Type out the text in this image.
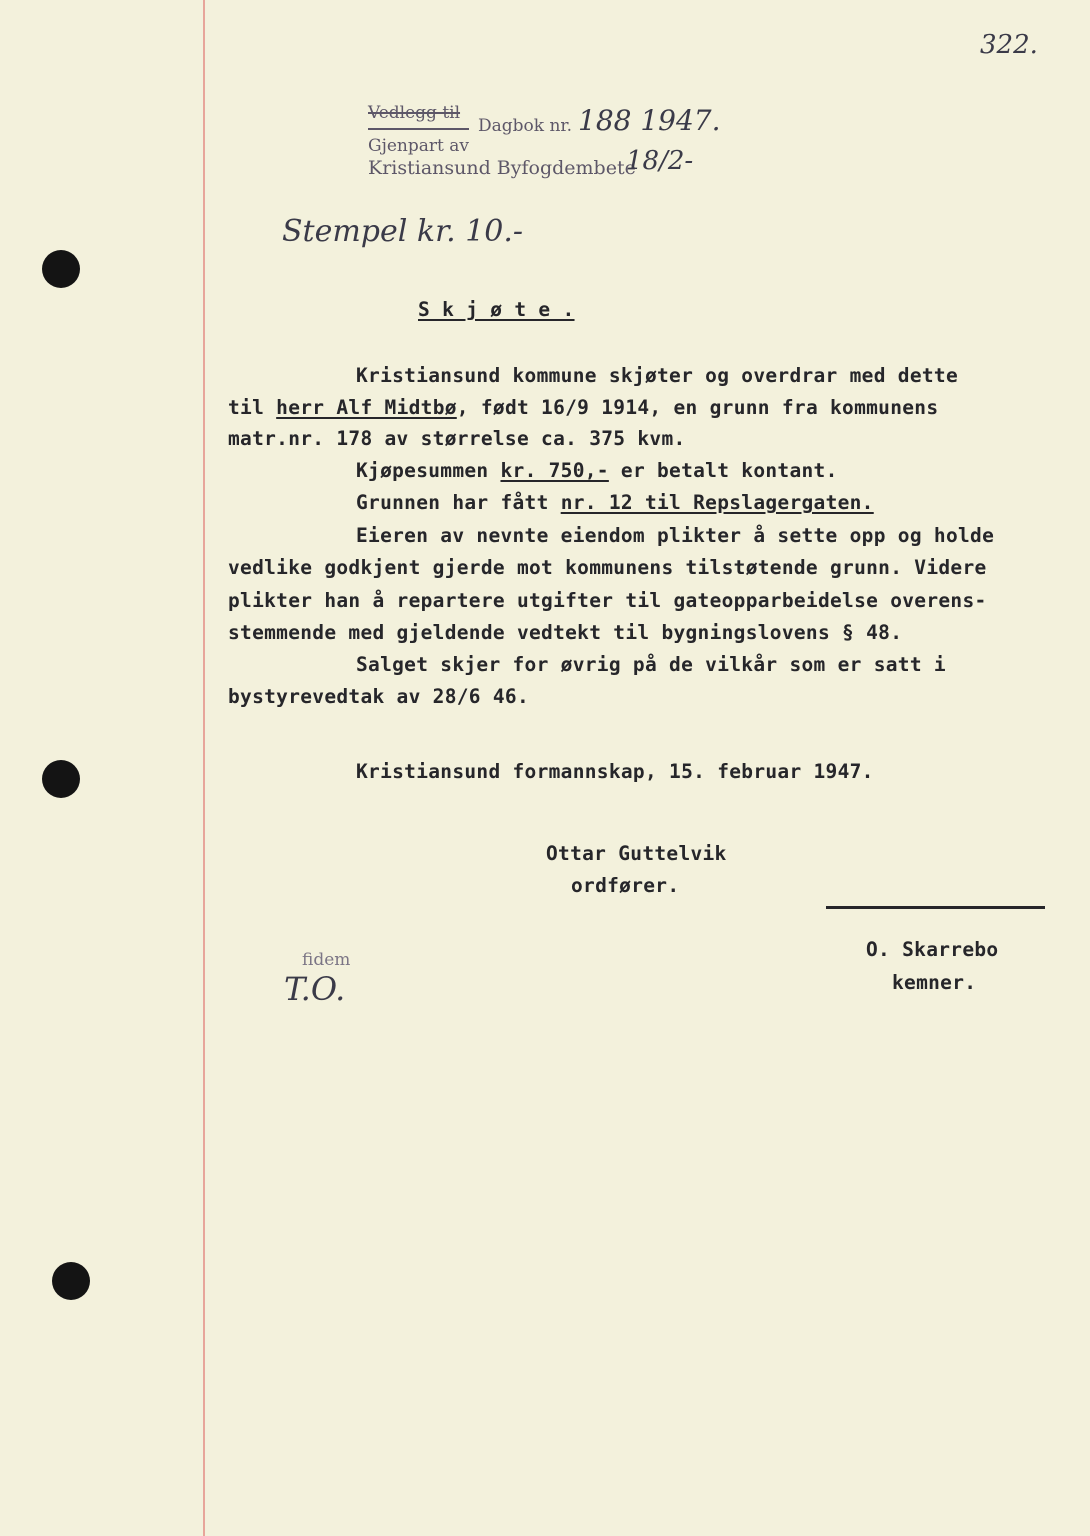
322.
Vedlegg til
Dagbok nr. 188 1947.
Gjenpart av
Kristiansund Byfogdembete
18/2-
Stempel kr. 10.-
S k j ø t e .
Kristiansund kommune skjøter og overdrar med dette
til herr Alf Midtbø, født 16/9 1914, en grunn fra kommunens
matr.nr. 178 av størrelse ca. 375 kvm.
Kjøpesummen kr. 750,- er betalt kontant.
Grunnen har fått nr. 12 til Repslagergaten.
Eieren av nevnte eiendom plikter å sette opp og holde
vedlike godkjent gjerde mot kommunens tilstøtende grunn. Videre
plikter han å repartere utgifter til gateopparbeidelse overens-
stemmende med gjeldende vedtekt til bygningslovens § 48.
Salget skjer for øvrig på de vilkår som er satt i
bystyrevedtak av 28/6 46.
Kristiansund formannskap, 15. februar 1947.
Ottar Guttelvik
ordfører.
O. Skarrebo
kemner.
fidem
T.O.
